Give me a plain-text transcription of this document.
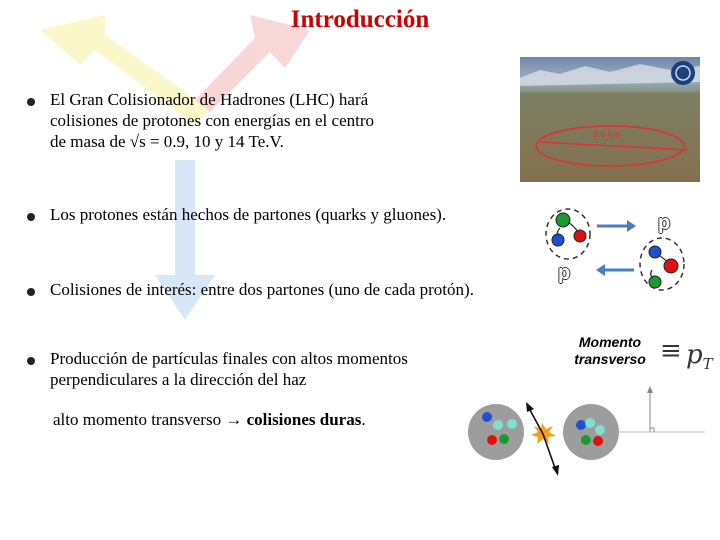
Introducción
El Gran Colisionador de Hadrones (LHC) hará
colisiones de protones con energías en el centro
de masa de √s = 0.9, 10 y 14 Te.V.
Los protones están hechos de partones (quarks y gluones).
Colisiones de interés: entre dos partones (uno de cada protón).
Producción de partículas finales con altos momentos
perpendiculares a la dirección del haz
alto momento transverso → colisiones duras.
8.6 km
p
p
Momento
transverso ≡ $p_T$
